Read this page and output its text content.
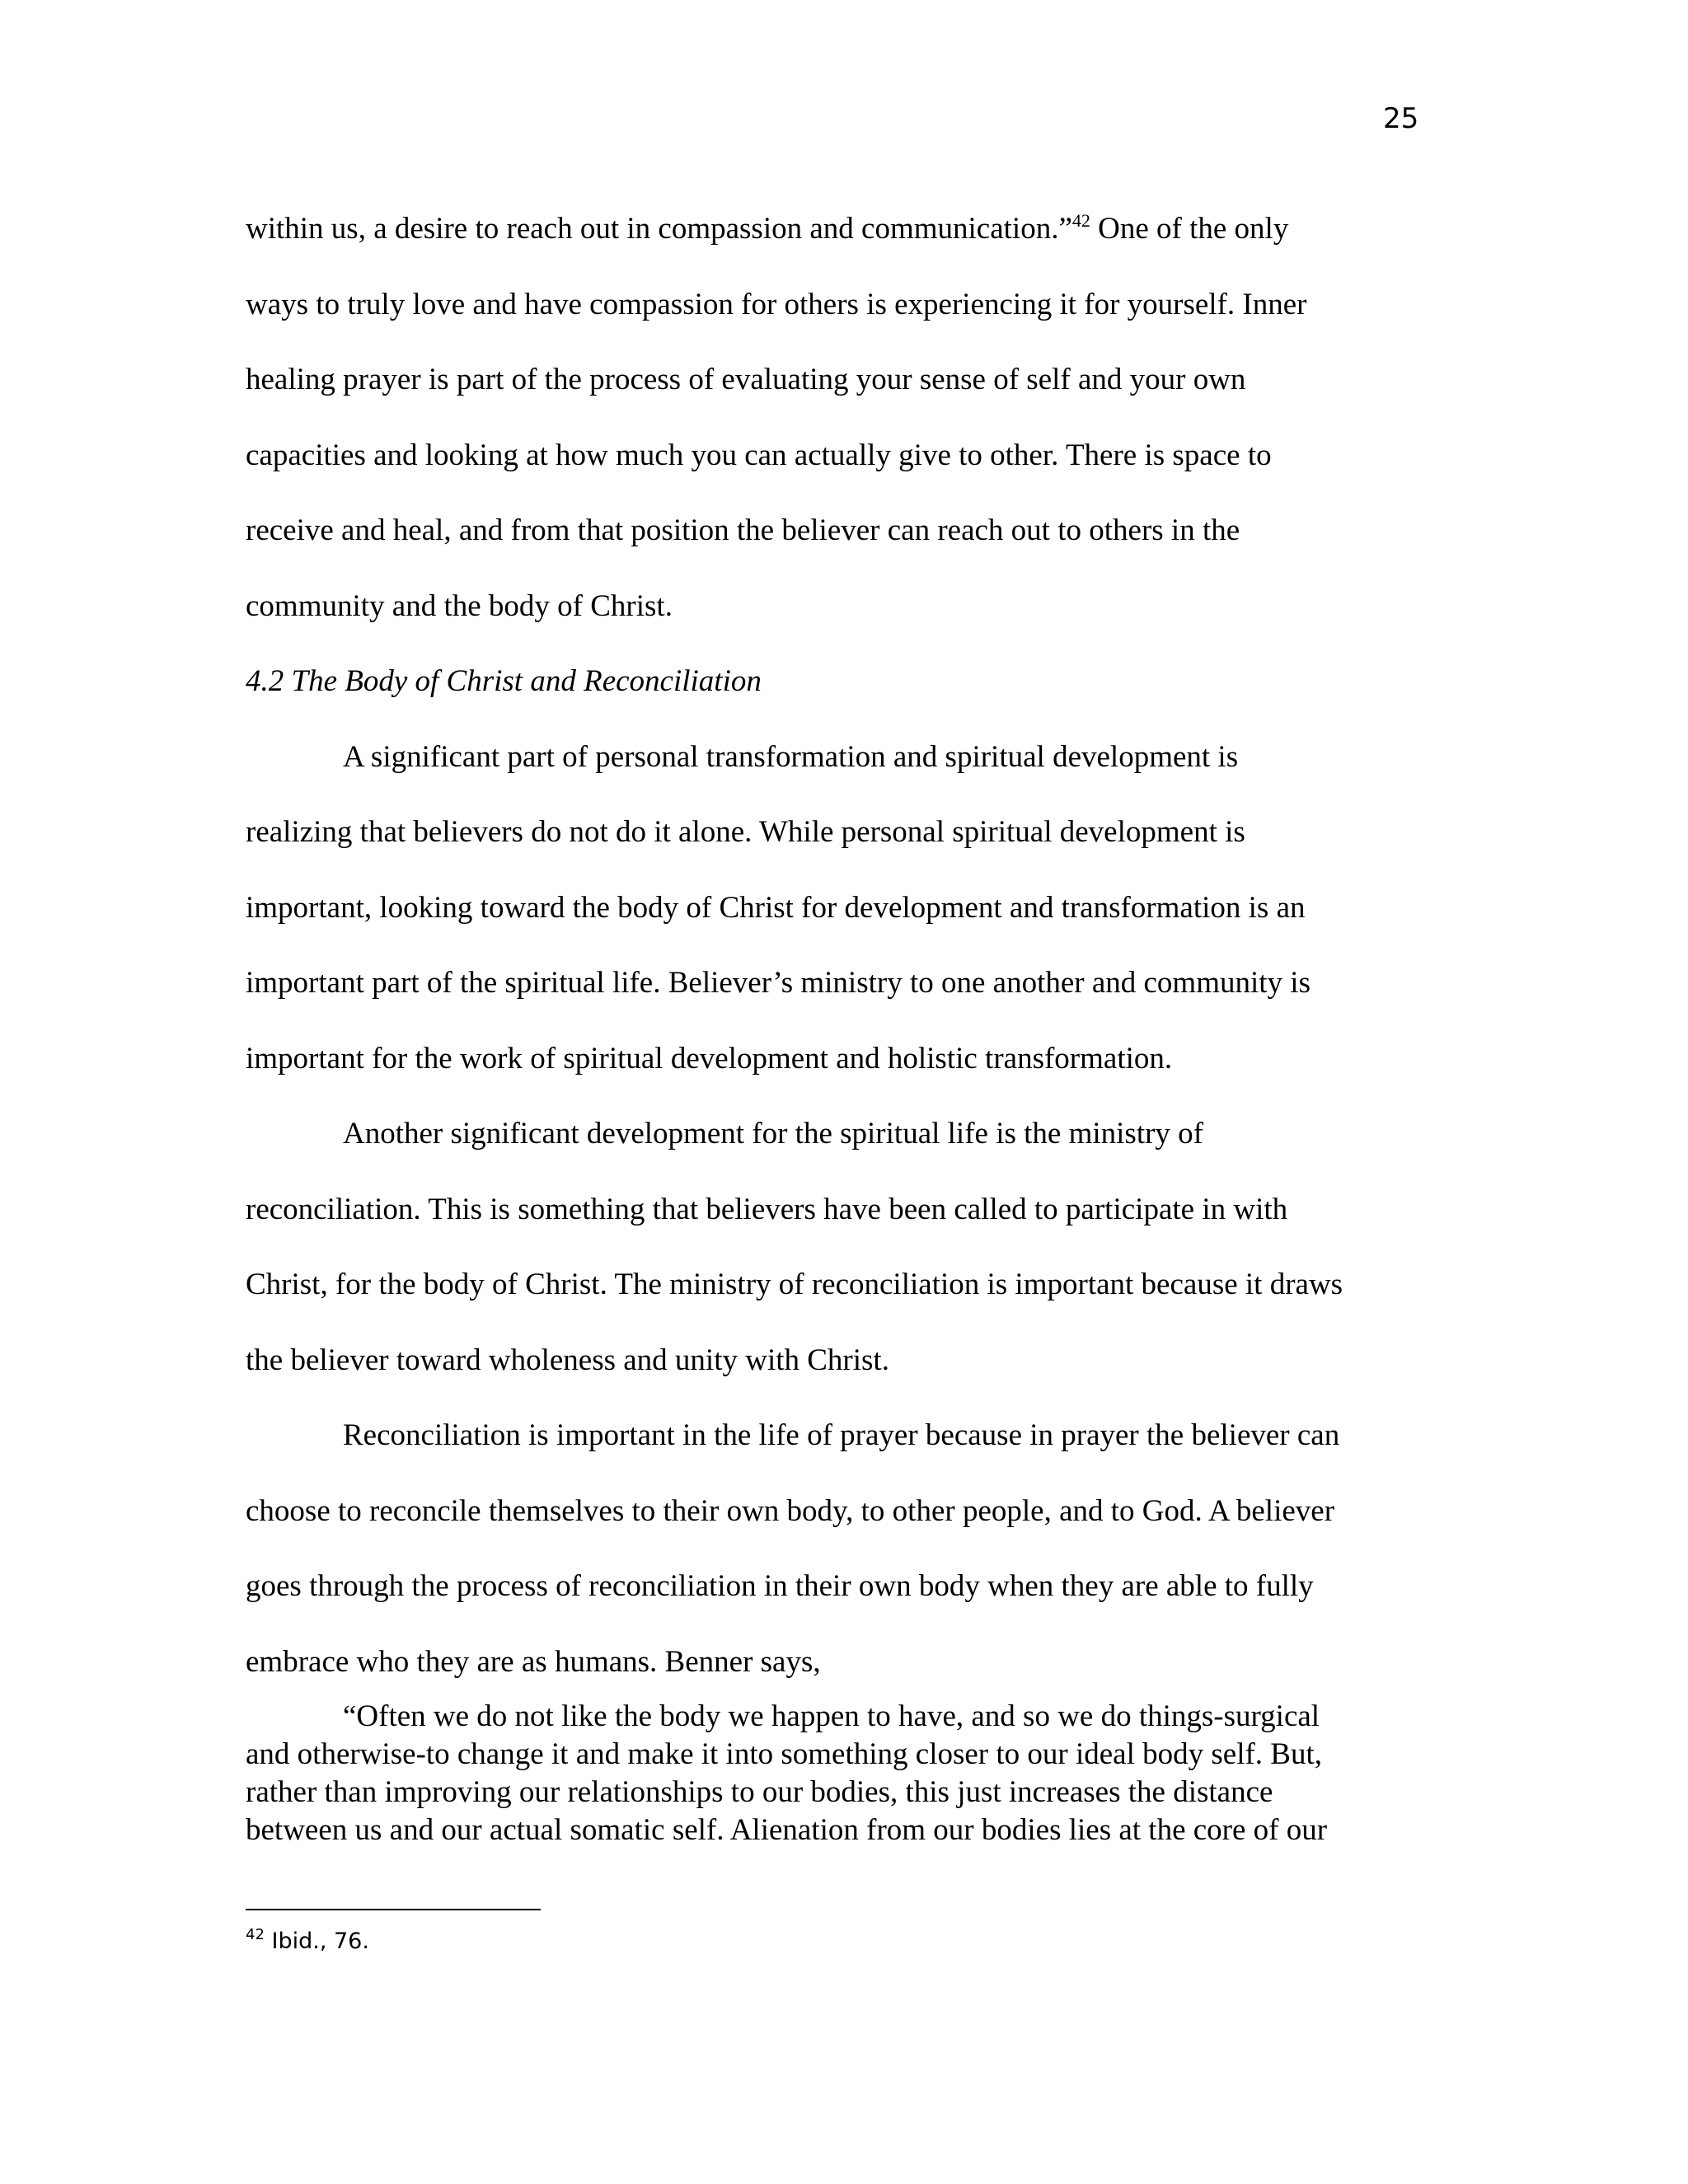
25
within us, a desire to reach out in compassion and communication.”$^{42}$ One of the only
ways to truly love and have compassion for others is experiencing it for yourself. Inner
healing prayer is part of the process of evaluating your sense of self and your own
capacities and looking at how much you can actually give to other. There is space to
receive and heal, and from that position the believer can reach out to others in the
community and the body of Christ.
4.2 The Body of Christ and Reconciliation
A significant part of personal transformation and spiritual development is
realizing that believers do not do it alone. While personal spiritual development is
important, looking toward the body of Christ for development and transformation is an
important part of the spiritual life. Believer’s ministry to one another and community is
important for the work of spiritual development and holistic transformation.
Another significant development for the spiritual life is the ministry of
reconciliation. This is something that believers have been called to participate in with
Christ, for the body of Christ. The ministry of reconciliation is important because it draws
the believer toward wholeness and unity with Christ.
Reconciliation is important in the life of prayer because in prayer the believer can
choose to reconcile themselves to their own body, to other people, and to God. A believer
goes through the process of reconciliation in their own body when they are able to fully
embrace who they are as humans. Benner says,
“Often we do not like the body we happen to have, and so we do things-surgical
and otherwise-to change it and make it into something closer to our ideal body self. But,
rather than improving our relationships to our bodies, this just increases the distance
between us and our actual somatic self. Alienation from our bodies lies at the core of our
$^{42}$ Ibid., 76.
